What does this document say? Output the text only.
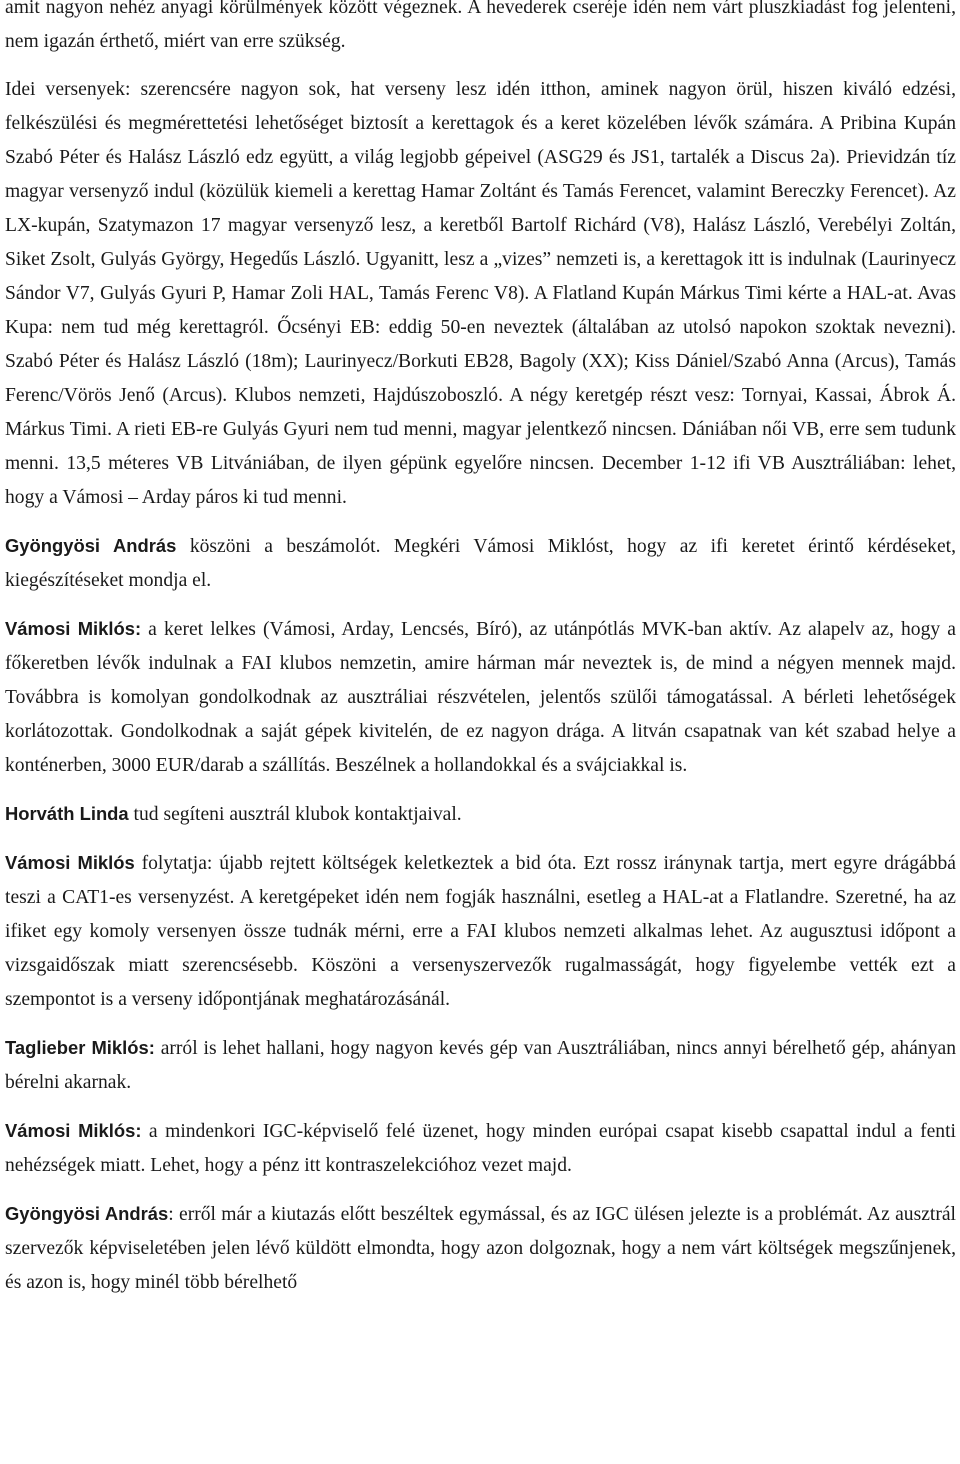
amit nagyon nehéz anyagi körülmények között végeznek. A hevederek cseréje idén nem várt pluszkiadást fog jelenteni, nem igazán érthető, miért van erre szükség.

Idei versenyek: szerencsére nagyon sok, hat verseny lesz idén itthon, aminek nagyon örül, hiszen kiváló edzési, felkészülési és megmérettetési lehetőséget biztosít a kerettagok és a keret közelében lévők számára. A Pribina Kupán Szabó Péter és Halász László edz együtt, a világ legjobb gépeivel (ASG29 és JS1, tartalék a Discus 2a). Prievidzán tíz magyar versenyző indul (közülük kiemeli a kerettag Hamar Zoltánt és Tamás Ferencet, valamint Bereczky Ferencet). Az LX-kupán, Szatymazon 17 magyar versenyző lesz, a keretből Bartolf Richárd (V8), Halász László, Verebélyi Zoltán, Siket Zsolt, Gulyás György, Hegedűs László. Ugyanitt, lesz a „vizes” nemzeti is, a kerettagok itt is indulnak (Laurinyecz Sándor V7, Gulyás Gyuri P, Hamar Zoli HAL, Tamás Ferenc V8). A Flatland Kupán Márkus Timi kérte a HAL-at. Avas Kupa: nem tud még kerettagról. Őcsényi EB: eddig 50-en neveztek (általában az utolsó napokon szoktak nevezni). Szabó Péter és Halász László (18m); Laurinyecz/Borkuti EB28, Bagoly (XX); Kiss Dániel/Szabó Anna (Arcus), Tamás Ferenc/Vörös Jenő (Arcus). Klubos nemzeti, Hajdúszoboszló. A négy keretgép részt vesz: Tornyai, Kassai, Ábrok Á. Márkus Timi. A rieti EB-re Gulyás Gyuri nem tud menni, magyar jelentkező nincsen. Dániában női VB, erre sem tudunk menni. 13,5 méteres VB Litvániában, de ilyen gépünk egyelőre nincsen. December 1-12 ifi VB Ausztráliában: lehet, hogy a Vámosi – Arday páros ki tud menni.

Gyöngyösi András köszöni a beszámolót. Megkéri Vámosi Miklóst, hogy az ifi keretet érintő kérdéseket, kiegészítéseket mondja el.

Vámosi Miklós: a keret lelkes (Vámosi, Arday, Lencsés, Bíró), az utánpótlás MVK-ban aktív. Az alapelv az, hogy a főkeretben lévők indulnak a FAI klubos nemzetin, amire hárman már neveztek is, de mind a négyen mennek majd. Továbbra is komolyan gondolkodnak az ausztráliai részvételen, jelentős szülői támogatással. A bérleti lehetőségek korlátozottak. Gondolkodnak a saját gépek kivitelén, de ez nagyon drága. A litván csapatnak van két szabad helye a konténerben, 3000 EUR/darab a szállítás. Beszélnek a hollandokkal és a svájciakkal is.

Horváth Linda tud segíteni ausztrál klubok kontaktjaival.

Vámosi Miklós folytatja: újabb rejtett költségek keletkeztek a bid óta. Ezt rossz iránynak tartja, mert egyre drágábbá teszi a CAT1-es versenyzést. A keretgépeket idén nem fogják használni, esetleg a HAL-at a Flatlandre. Szeretné, ha az ifiket egy komoly versenyen össze tudnák mérni, erre a FAI klubos nemzeti alkalmas lehet. Az augusztusi időpont a vizsgaidőszak miatt szerencsésebb. Köszöni a versenyszervezők rugalmasságát, hogy figyelembe vették ezt a szempontot is a verseny időpontjának meghatározásánál.

Taglieber Miklós: arról is lehet hallani, hogy nagyon kevés gép van Ausztráliában, nincs annyi bérelhető gép, ahányan bérelni akarnak.

Vámosi Miklós: a mindenkori IGC-képviselő felé üzenet, hogy minden európai csapat kisebb csapattal indul a fenti nehézségek miatt. Lehet, hogy a pénz itt kontraszelekcióhoz vezet majd.

Gyöngyösi András: erről már a kiutazás előtt beszéltek egymással, és az IGC ülésen jelezte is a problémát. Az ausztrál szervezők képviseletében jelen lévő küldött elmondta, hogy azon dolgoznak, hogy a nem várt költségek megszűnjenek, és azon is, hogy minél több bérelhető
